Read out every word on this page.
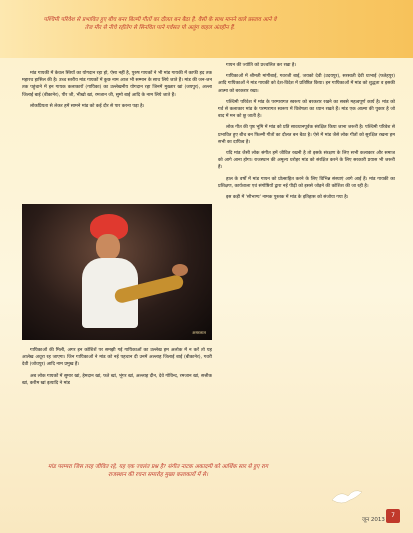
पश्चिमी परिवेश से प्रभावित हुए बीच बनर बिल्मी गीतों का दौलत बन बैठा है. वैसी के साथ मानने वाले प्रस्ताव आने वे तेज मीर से नीचे रहीतेग से सिनवित पाने गर्वसत पो अलुंग वाहल अंतहीन हैं.

मांड गायकी में केवल स्त्रियों का योगदान रहा हो, ऐसा नहीं है, पुरुष गायकों ने भी मांड गायकी में काफी हद तक महारथ हासिल की है। उच्च स्तरीय मांड गायकों में कुछ नाम आज भी सम्मान के साथ लिये जाते हैं। मांड की जन-जन तक पहुंचाने में इन गायक कलाकारों (गायिका) का उल्लेखनीय योगदान रहा जिनमें मुख्तार खां (जयपुर), अल्ला जिलाई बाई (बीकानेर), पीर जी, भीखो खां, रमजान जी, सुमो बाई आदि के नाम लिये जाते हैं।

लोकप्रियता से लेकर हमें सामने मांड को कई दौर से पार करना पड़ा है।

असरलाल

गायिकाओं की मिली, अगर इन कोशिशें पर समझी गई गायिकाओं का उल्लेख हम अलोक में न करें तो यह आलेख अधूरा रह जाएगा। जिन गायिकाओं ने मांड को नई पहचान दी उनमें अल्लाह जिलाई बाई (बीकानेर), गवरी देवी (जोधपुर) आदि नाम प्रमुख हैं।

अब लोक गायकों में सुमार खां, हेमदान खां, फते खां, भूंगर खां, अल्लाह दीन, देवे गोविन्द, रमजान खां, सत्तीक खां, करीम खां इत्यादि ने मांड

गायन की ज्योति को प्रज्वलित कर रखा है।

गायिकाओं में श्रीमती मांगीबाई, गवरजी बाई, जयको देवी (उदयपुर), सरस्वती देवी धाभाई (फतेहपुर) आदि गायिकाओं ने मांड गायकी को देश-विदेश में प्रतिष्ठित किया। इन गायिकाओं में मांड को शुद्धता व इसकी आत्मा को बरकरार रखा।

पश्चिमी परिवेश में मांड के परम्परागत स्वरूप को बरकरार रखने का सबसे महत्वपूर्ण कार्य है। मांड को गर्व से कलाकार मांड के परम्परागत स्वरूप में विशेषता का ध्यान रखते हैं। मांड एक आत्मा की पुकार है जो बाद में मन को छू जाती है।

लोक गीत की पृष्ठ भूमि में मांड को प्रति सावधानपूर्वक संरक्षित किया जाना जरूरी है। पश्चिमी परिवेश से प्रभावित हुए बीच बन फिल्मी गीतों का दौलत बन बैठा है। ऐसे में मांड जैसे लोक गीतों को सुरक्षित रखना हम सभी का दायित्व है।

यदि मांड जैसी लोक संगीत हमें जीवित रखनी है तो इसके संरक्षण के लिए सभी कलाकार और समाज को आगे आना होगा। राजस्थान की अमूल्य धरोहर मांड को संरक्षित करने के लिए सरकारी प्रयास भी जरूरी हैं।

हाल के वर्षों में मांड गायन को प्रोत्साहित करने के लिए विभिन्न संस्थाएं आगे आई हैं। मांड गायकी का प्रशिक्षण, कार्यशाला एवं संगोष्ठियों द्वारा नई पीढ़ी को इससे जोड़ने की कोशिश की जा रही है।

इस कड़ी में 'सौभाग्य' नामक पुस्तक में मांड के इतिहास को संजोया गया है।

मांड परम्परा जिस तरह जीवित रहे, यह एक ज्वलंत प्रश्न है? संगीत नाटक अकादमी को आर्थिक सार से हुए राग राजस्थान की रचना समारोह मुख्य कलाकारों में से।
जून 2013
7
